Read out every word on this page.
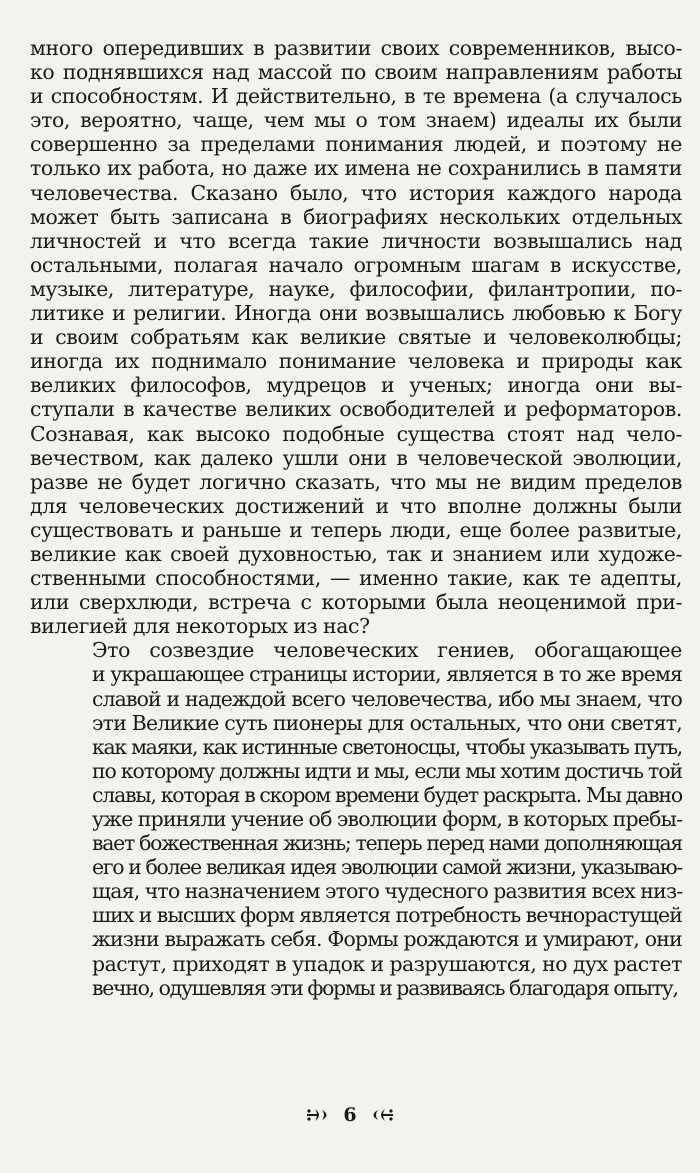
много опередивших в развитии своих современников, высо-
ко поднявшихся над массой по своим направлениям работы
и способностям. И действительно, в те времена (а случалось
это, вероятно, чаще, чем мы о том знаем) идеалы их были
совершенно за пределами понимания людей, и поэтому не
только их работа, но даже их имена не сохранились в памяти
человечества. Сказано было, что история каждого народа
может быть записана в биографиях нескольких отдельных
личностей и что всегда такие личности возвышались над
остальными, полагая начало огромным шагам в искусстве,
музыке, литературе, науке, философии, филантропии, по-
литике и религии. Иногда они возвышались любовью к Богу
и своим собратьям как великие святые и человеколюбцы;
иногда их поднимало понимание человека и природы как
великих философов, мудрецов и ученых; иногда они вы-
ступали в качестве великих освободителей и реформаторов.
Сознавая, как высоко подобные существа стоят над чело-
вечеством, как далеко ушли они в человеческой эволюции,
разве не будет логично сказать, что мы не видим пределов
для человеческих достижений и что вполне должны были
существовать и раньше и теперь люди, еще более развитые,
великие как своей духовностью, так и знанием или художе-
ственными способностями, — именно такие, как те адепты,
или сверхлюди, встреча с которыми была неоценимой при-
вилегией для некоторых из нас?

Это созвездие человеческих гениев, обогащающее
и украшающее страницы истории, является в то же время
славой и надеждой всего человечества, ибо мы знаем, что
эти Великие суть пионеры для остальных, что они светят,
как маяки, как истинные светоносцы, чтобы указывать путь,
по которому должны идти и мы, если мы хотим достичь той
славы, которая в скором времени будет раскрыта. Мы давно
уже приняли учение об эволюции форм, в которых пребы-
вает божественная жизнь; теперь перед нами дополняющая
его и более великая идея эволюции самой жизни, указываю-
щая, что назначением этого чудесного развития всех низ-
ших и высших форм является потребность вечнорастущей
жизни выражать себя. Формы рождаются и умирают, они
растут, приходят в упадок и разрушаются, но дух растет
вечно, одушевляя эти формы и развиваясь благодаря опыту,

6
